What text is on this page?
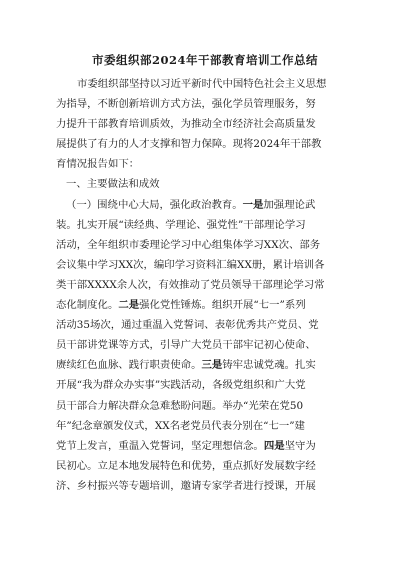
市委组织部2024年干部教育培训工作总结
市委组织部坚持以习近平新时代中国特色社会主义思想
为指导，不断创新培训方式方法，强化学员管理服务，努
力提升干部教育培训质效，为推动全市经济社会高质量发
展提供了有力的人才支撑和智力保障。现将2024年干部教
育情况报告如下：
一、主要做法和成效
（一）围绕中心大局，强化政治教育。一是加强理论武
装。扎实开展“读经典、学理论、强党性”干部理论学习
活动，全年组织市委理论学习中心组集体学习XX次、部务
会议集中学习XX次，编印学习资料汇编XX册，累计培训各
类干部XXXX余人次，有效推动了党员领导干部理论学习常
态化制度化。二是强化党性锤炼。组织开展“七一”系列
活动35场次，通过重温入党誓词、表彰优秀共产党员、党
员干部讲党课等方式，引导广大党员干部牢记初心使命、
赓续红色血脉、践行职责使命。三是铸牢忠诚党魂。扎实
开展“我为群众办实事”实践活动，各级党组织和广大党
员干部合力解决群众急难愁盼问题。举办“光荣在党50
年”纪念章颁发仪式，XX名老党员代表分别在“七一”建
党节上发言，重温入党誓词，坚定理想信念。四是坚守为
民初心。立足本地发展特色和优势，重点抓好发展数字经
济、乡村振兴等专题培训，邀请专家学者进行授课，开展
